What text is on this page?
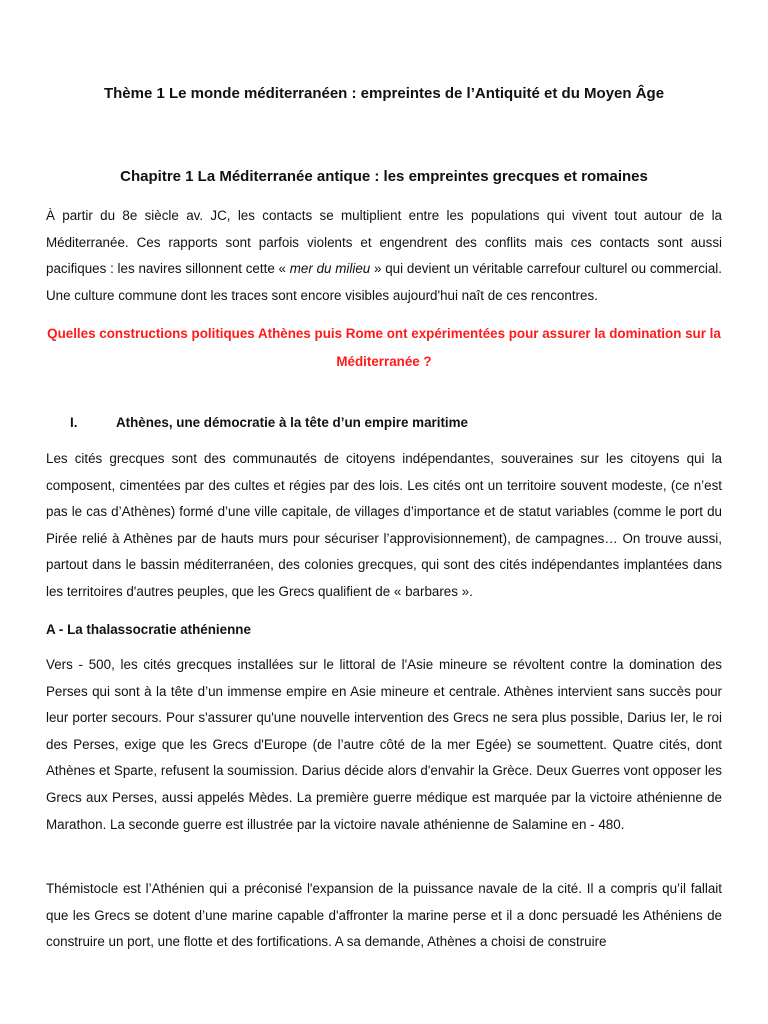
Thème 1 Le monde méditerranéen : empreintes de l’Antiquité et du Moyen Âge
Chapitre 1 La Méditerranée antique : les empreintes grecques et romaines

À partir du 8e siècle av. JC, les contacts se multiplient entre les populations qui vivent tout autour de la Méditerranée. Ces rapports sont parfois violents et engendrent des conflits mais ces contacts sont aussi pacifiques : les navires sillonnent cette « mer du milieu » qui devient un véritable carrefour culturel ou commercial. Une culture commune dont les traces sont encore visibles aujourd'hui naît de ces rencontres.

Quelles constructions politiques Athènes puis Rome ont expérimentées pour assurer la domination sur la Méditerranée ?

I.	Athènes, une démocratie à la tête d’un empire maritime

Les cités grecques sont des communautés de citoyens indépendantes, souveraines sur les citoyens qui la composent, cimentées par des cultes et régies par des lois. Les cités ont un territoire souvent modeste, (ce n’est pas le cas d’Athènes) formé d’une ville capitale, de villages d’importance et de statut variables (comme le port du Pirée relié à Athènes par de hauts murs pour sécuriser l’approvisionnement), de campagnes… On trouve aussi, partout dans le bassin méditerranéen, des colonies grecques, qui sont des cités indépendantes implantées dans les territoires d'autres peuples, que les Grecs qualifient de « barbares ».

A - La thalassocratie athénienne

Vers - 500, les cités grecques installées sur le littoral de l'Asie mineure se révoltent contre la domination des Perses qui sont à la tête d’un immense empire en Asie mineure et centrale. Athènes intervient sans succès pour leur porter secours. Pour s'assurer qu'une nouvelle intervention des Grecs ne sera plus possible, Darius Ier, le roi des Perses, exige que les Grecs d'Europe (de l’autre côté de la mer Egée) se soumettent. Quatre cités, dont Athènes et Sparte, refusent la soumission. Darius décide alors d'envahir la Grèce. Deux Guerres vont opposer les Grecs aux Perses, aussi appelés Mèdes. La première guerre médique est marquée par la victoire athénienne de Marathon. La seconde guerre est illustrée par la victoire navale athénienne de Salamine en - 480.

Thémistocle est l’Athénien qui a préconisé l'expansion de la puissance navale de la cité. Il a compris qu’il fallait que les Grecs se dotent d’une marine capable d'affronter la marine perse et il a donc persuadé les Athéniens de construire un port, une flotte et des fortifications. A sa demande, Athènes a choisi de construire
